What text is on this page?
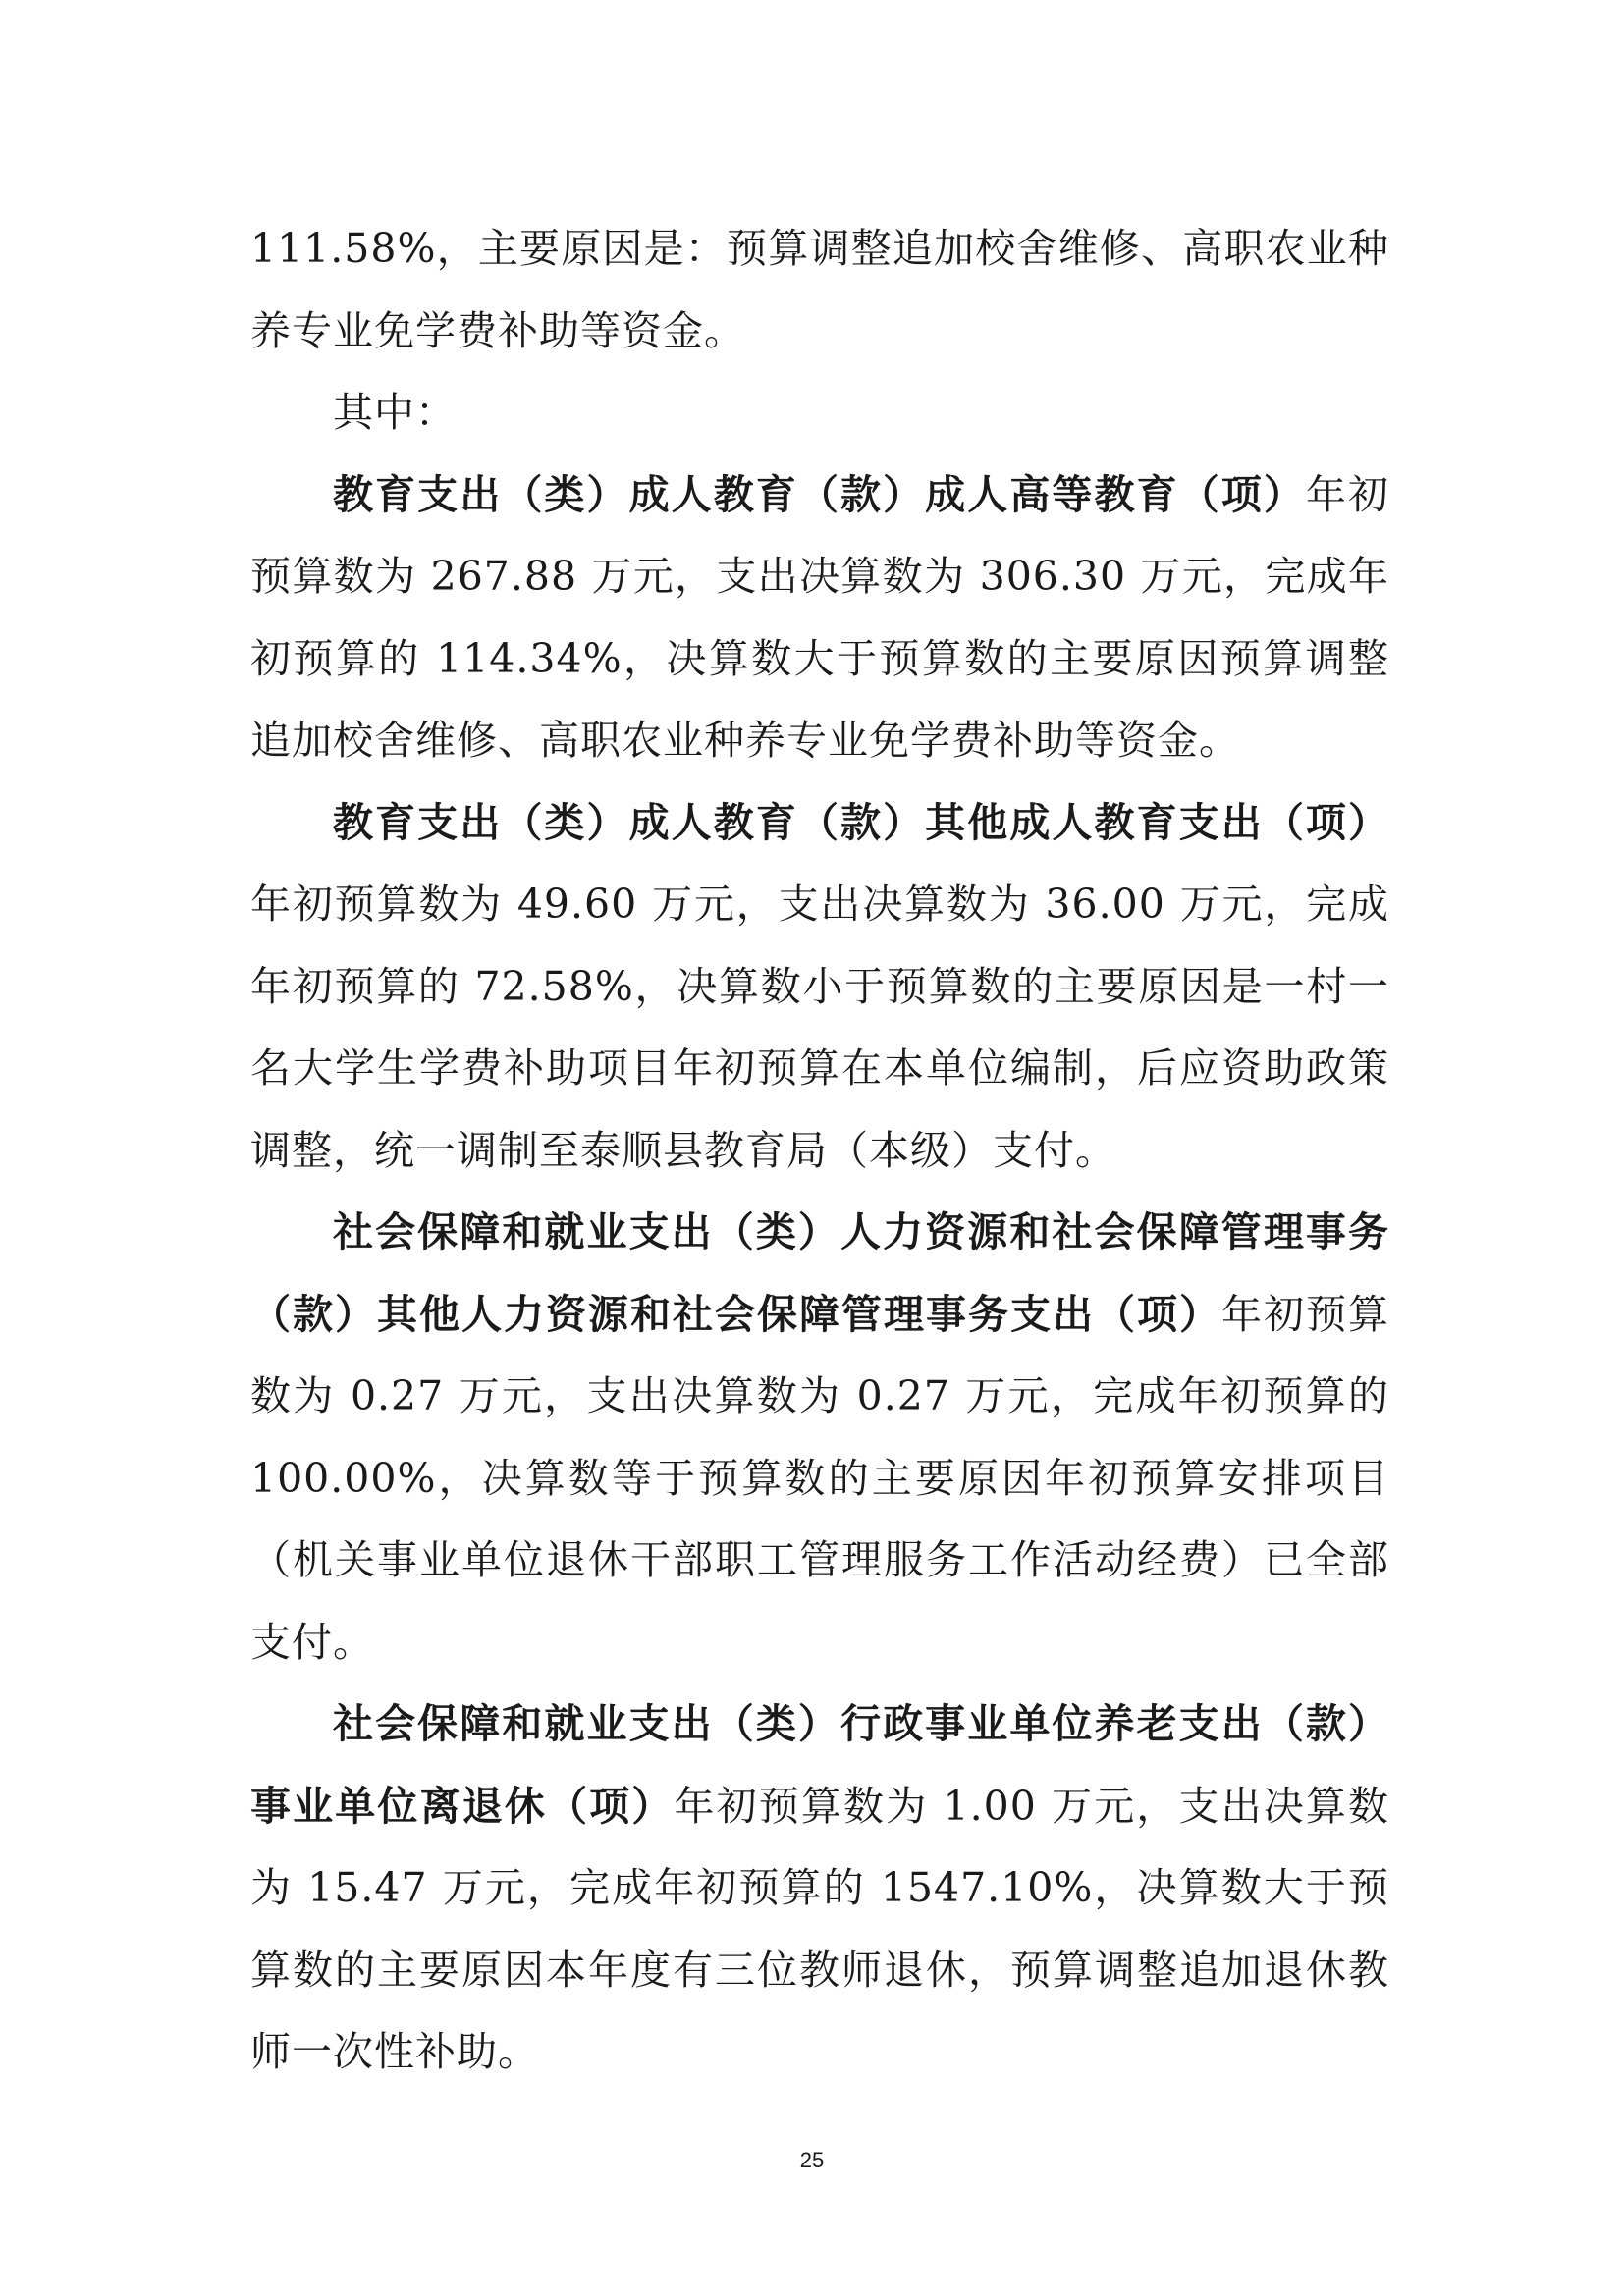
111.58%，主要原因是：预算调整追加校舍维修、高职农业种养专业免学费补助等资金。

其中：

教育支出（类）成人教育（款）成人高等教育（项）年初预算数为 267.88 万元，支出决算数为 306.30 万元，完成年初预算的 114.34%，决算数大于预算数的主要原因预算调整追加校舍维修、高职农业种养专业免学费补助等资金。

教育支出（类）成人教育（款）其他成人教育支出（项）年初预算数为 49.60 万元，支出决算数为 36.00 万元，完成年初预算的 72.58%，决算数小于预算数的主要原因是一村一名大学生学费补助项目年初预算在本单位编制，后应资助政策调整，统一调制至泰顺县教育局（本级）支付。

社会保障和就业支出（类）人力资源和社会保障管理事务（款）其他人力资源和社会保障管理事务支出（项）年初预算数为 0.27 万元，支出决算数为 0.27 万元，完成年初预算的 100.00%，决算数等于预算数的主要原因年初预算安排项目（机关事业单位退休干部职工管理服务工作活动经费）已全部支付。

社会保障和就业支出（类）行政事业单位养老支出（款）事业单位离退休（项）年初预算数为 1.00 万元，支出决算数为 15.47 万元，完成年初预算的 1547.10%，决算数大于预算数的主要原因本年度有三位教师退休，预算调整追加退休教师一次性补助。

25
